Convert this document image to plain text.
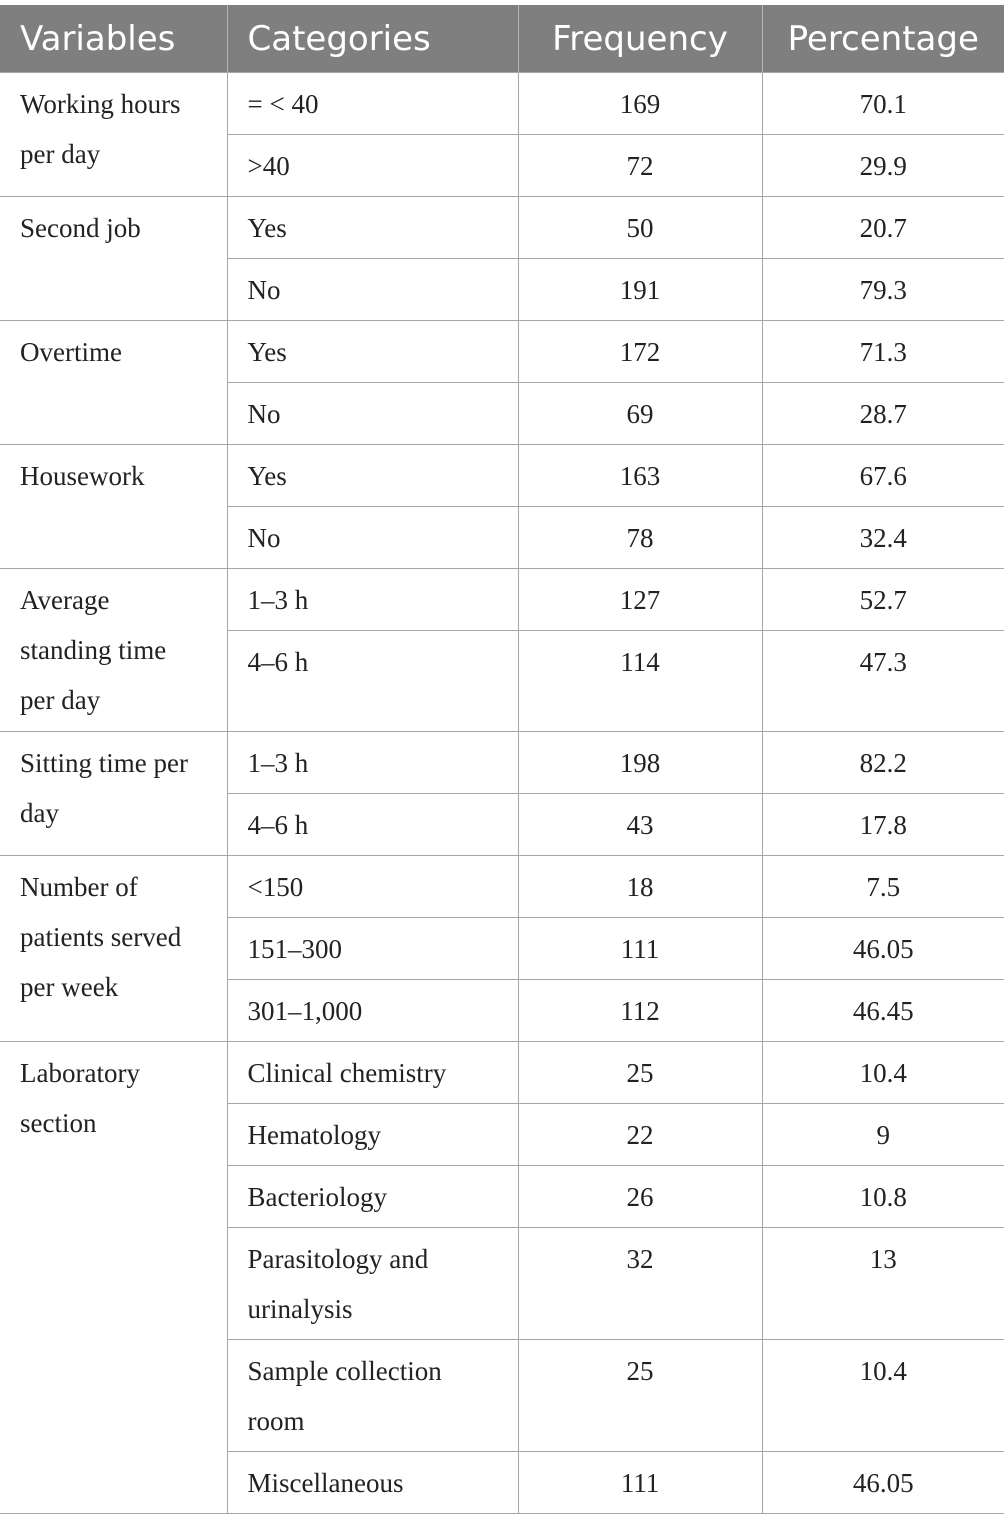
Variables	Categories	Frequency	Percentage
Working hours per day	= < 40	169	70.1
	>40	72	29.9
Second job	Yes	50	20.7
	No	191	79.3
Overtime	Yes	172	71.3
	No	69	28.7
Housework	Yes	163	67.6
	No	78	32.4
Average standing time per day	1–3 h	127	52.7
	4–6 h	114	47.3
Sitting time per day	1–3 h	198	82.2
	4–6 h	43	17.8
Number of patients served per week	<150	18	7.5
	151–300	111	46.05
	301–1,000	112	46.45
Laboratory section	Clinical chemistry	25	10.4
	Hematology	22	9
	Bacteriology	26	10.8
	Parasitology and urinalysis	32	13
	Sample collection room	25	10.4
	Miscellaneous	111	46.05
